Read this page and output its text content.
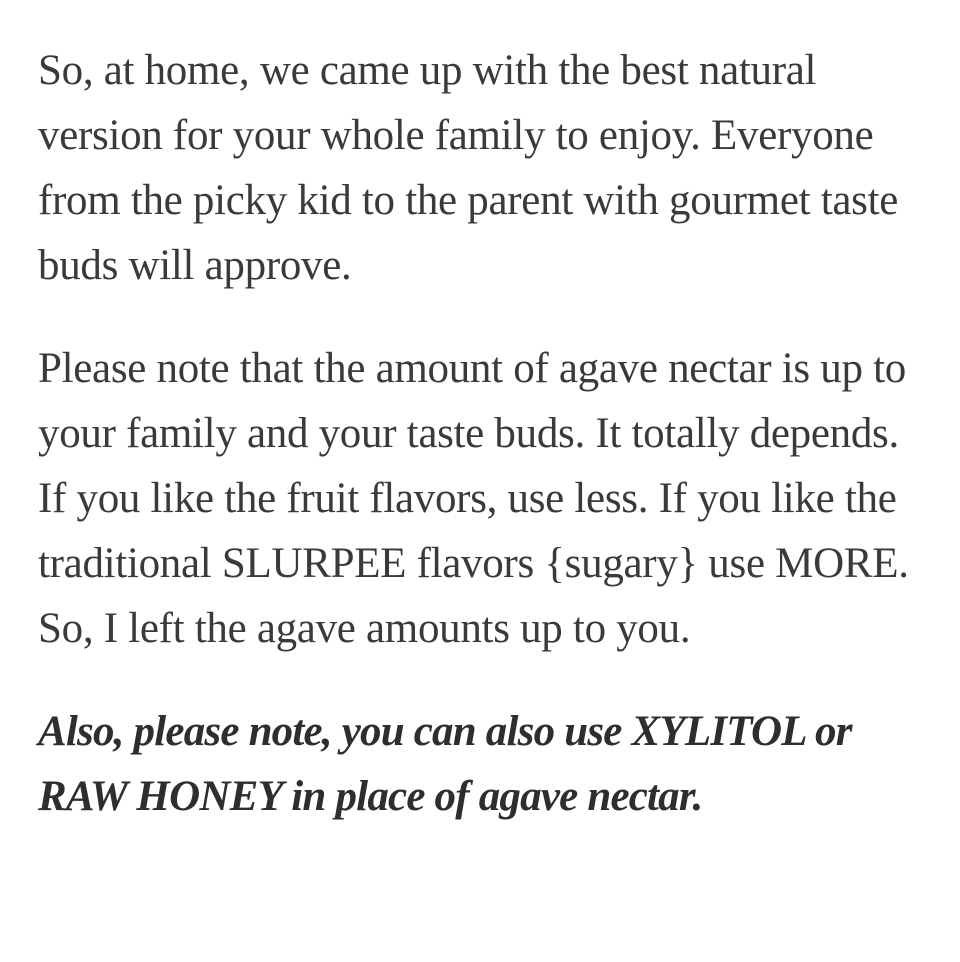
So, at home, we came up with the best natural version for your whole family to enjoy. Everyone from the picky kid to the parent with gourmet taste buds will approve.

Please note that the amount of agave nectar is up to your family and your taste buds. It totally depends. If you like the fruit flavors, use less. If you like the traditional SLURPEE flavors {sugary} use MORE. So, I left the agave amounts up to you.

Also, please note, you can also use XYLITOL or RAW HONEY in place of agave nectar.
